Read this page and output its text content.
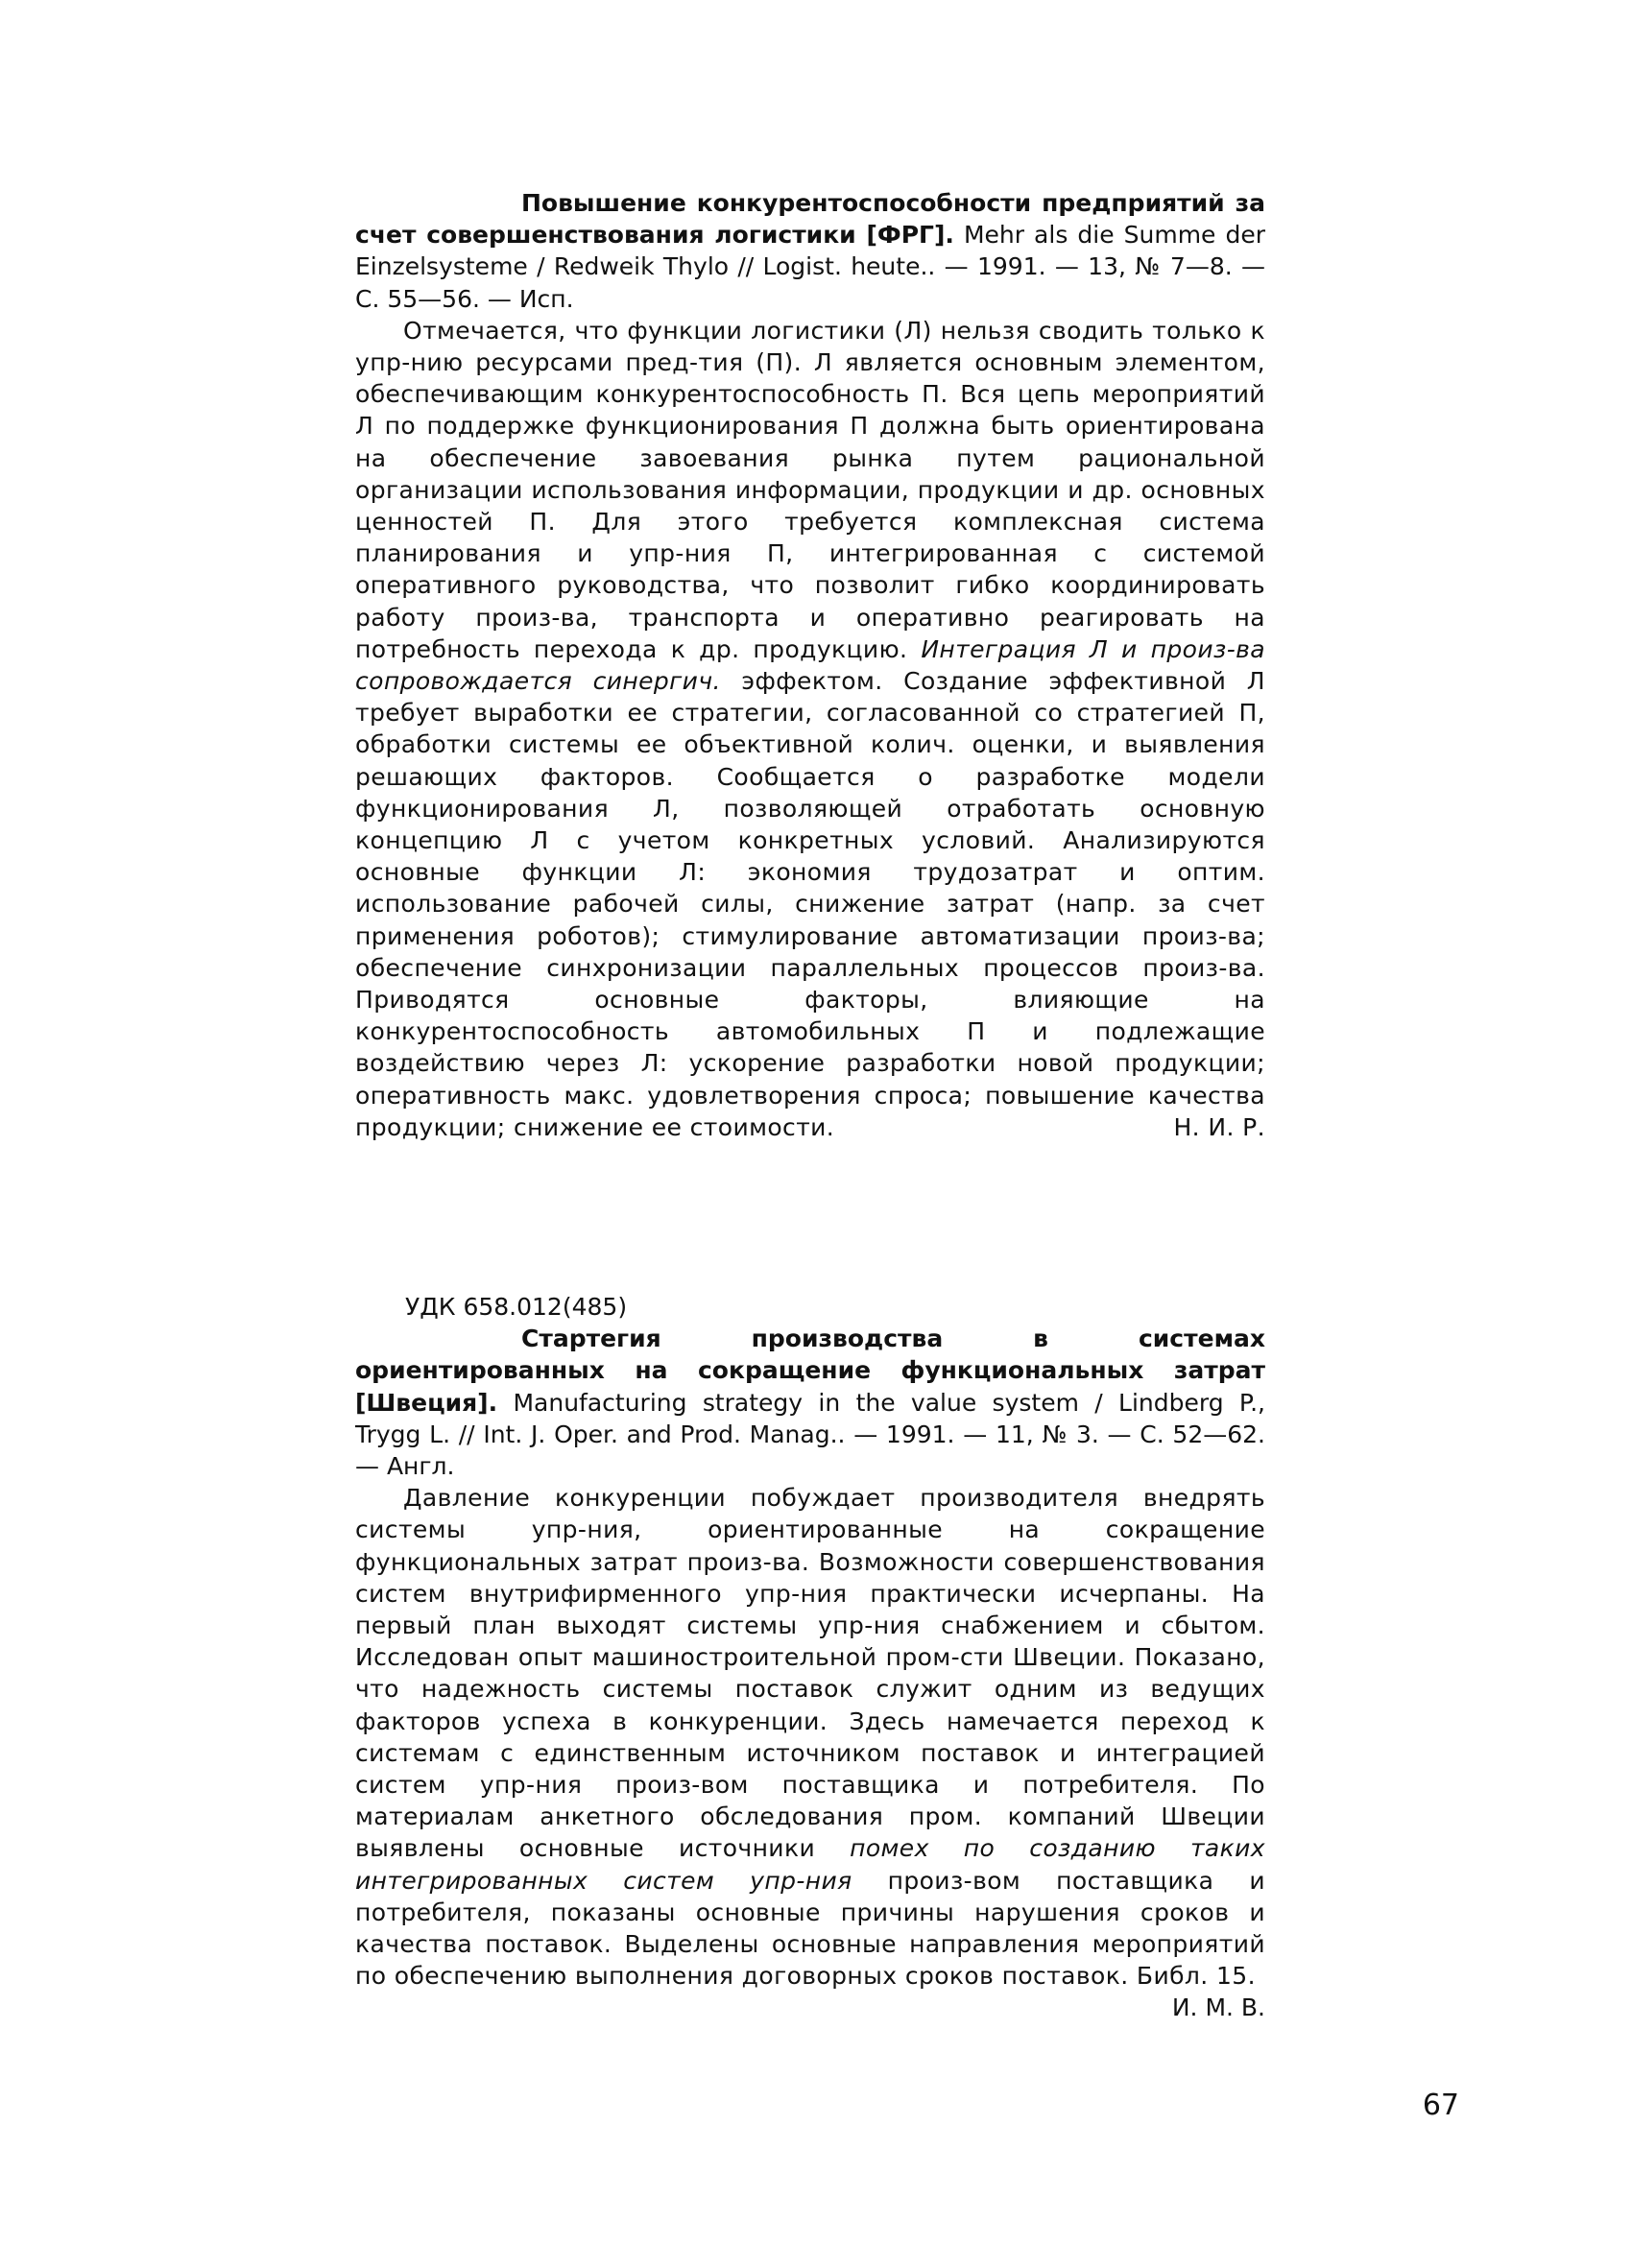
Повышение конкурентоспособности предприятий за счет совершенствования логистики [ФРГ]. Mehr als die Summe der Einzelsysteme / Redweik Thylo // Logist. heute.. — 1991. — 13, № 7—8. — С. 55—56. — Исп.

Отмечается, что функции логистики (Л) нельзя сводить только к упр-нию ресурсами пред-тия (П). Л является основным элементом, обеспечивающим конкурентоспособность П. Вся цепь мероприятий Л по поддержке функционирования П должна быть ориентирована на обеспечение завоевания рынка путем рациональной организации использования информации, продукции и др. основных ценностей П. Для этого требуется комплексная система планирования и упр-ния П, интегрированная с системой оперативного руководства, что позволит гибко координировать работу произ-ва, транспорта и оперативно реагировать на потребность перехода к др. продукцию. Интеграция Л и произ-ва сопровождается синергич. эффектом. Создание эффективной Л требует выработки ее стратегии, согласованной со стратегией П, обработки системы ее объективной колич. оценки, и выявления решающих факторов. Сообщается о разработке модели функционирования Л, позволяющей отработать основную концепцию Л с учетом конкретных условий. Анализируются основные функции Л: экономия трудозатрат и оптим. использование рабочей силы, снижение затрат (напр. за счет применения роботов); стимулирование автоматизации произ-ва; обеспечение синхронизации параллельных процессов произ-ва. Приводятся основные факторы, влияющие на конкурентоспособность автомобильных П и подлежащие воздействию через Л: ускорение разработки новой продукции; оперативность макс. удовлетворения спроса; повышение качества продукции; снижение ее стоимости.	Н. И. Р.

УДК 658.012(485)

Стартегия производства в системах ориентированных на сокращение функциональных затрат [Швеция]. Manufacturing strategy in the value system / Lindberg P., Trygg L. // Int. J. Oper. and Prod. Manag.. — 1991. — 11, № 3. — С. 52—62. — Англ.

Давление конкуренции побуждает производителя внедрять системы упр-ния, ориентированные на сокращение функциональных затрат произ-ва. Возможности совершенствования систем внутрифирменного упр-ния практически исчерпаны. На первый план выходят системы упр-ния снабжением и сбытом. Исследован опыт машиностроительной пром-сти Швеции. Показано, что надежность системы поставок служит одним из ведущих факторов успеха в конкуренции. Здесь намечается переход к системам с единственным источником поставок и интеграцией систем упр-ния произ-вом поставщика и потребителя. По материалам анкетного обследования пром. компаний Швеции выявлены основные источники помех по созданию таких интегрированных систем упр-ния произ-вом поставщика и потребителя, показаны основные причины нарушения сроков и качества поставок. Выделены основные направления мероприятий по обеспечению выполнения договорных сроков поставок. Библ. 15.

И. М. В.

67
